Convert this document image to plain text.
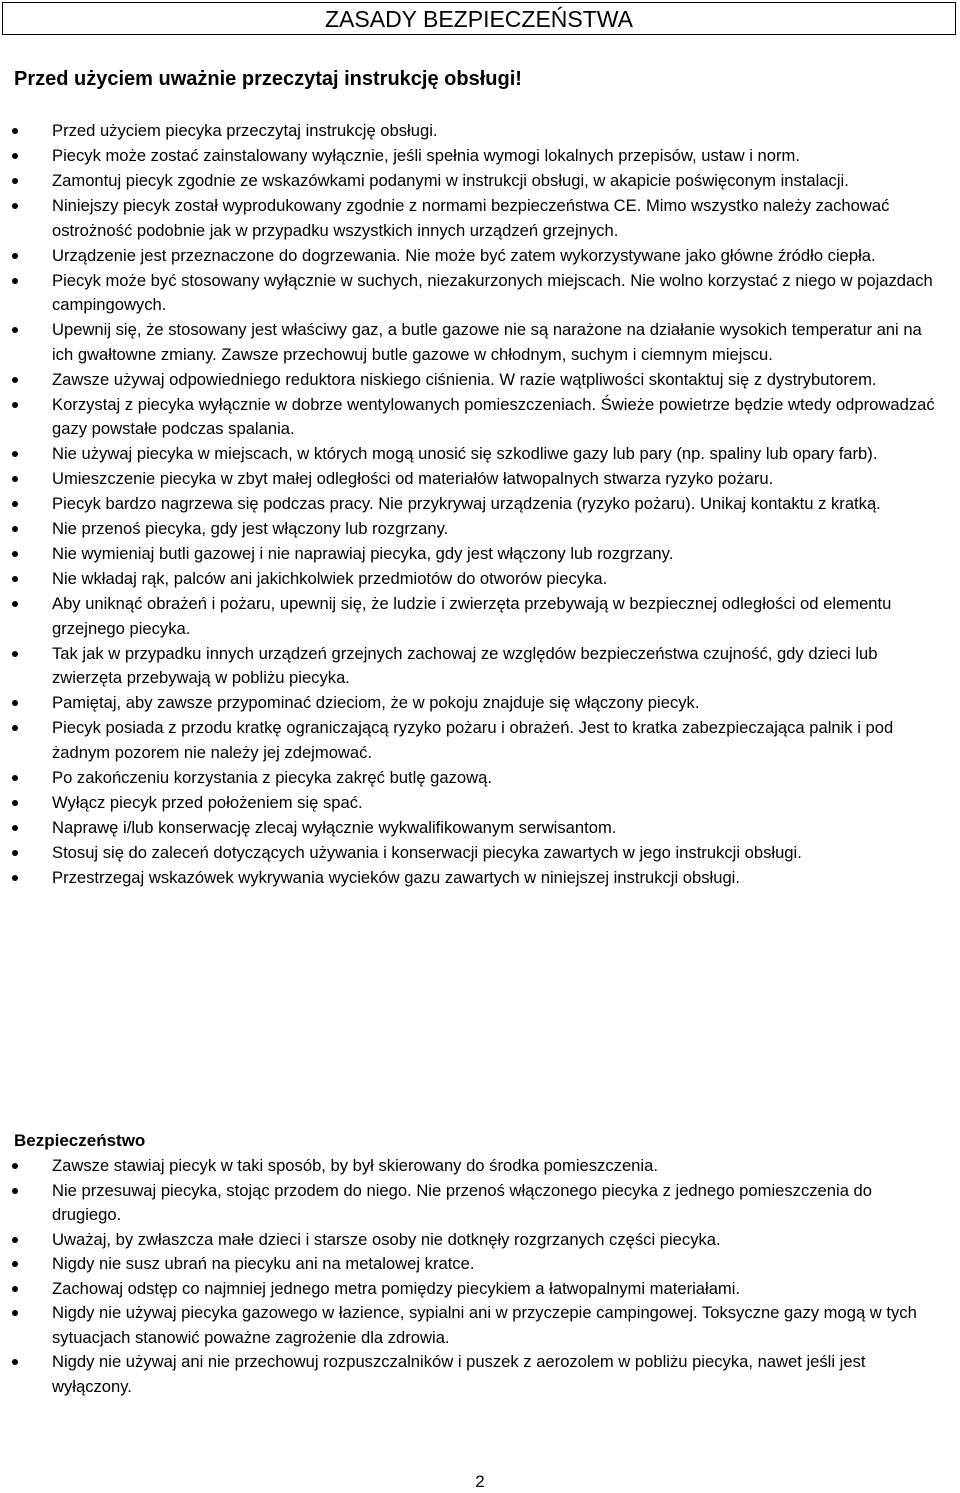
ZASADY BEZPIECZEŃSTWA

Przed użyciem uważnie przeczytaj instrukcję obsługi!

Przed użyciem piecyka przeczytaj instrukcję obsługi.
Piecyk może zostać zainstalowany wyłącznie, jeśli spełnia wymogi lokalnych przepisów, ustaw i norm.
Zamontuj piecyk zgodnie ze wskazówkami podanymi w instrukcji obsługi, w akapicie poświęconym instalacji.
Niniejszy piecyk został wyprodukowany zgodnie z normami bezpieczeństwa CE. Mimo wszystko należy zachować ostrożność podobnie jak w przypadku wszystkich innych urządzeń grzejnych.
Urządzenie jest przeznaczone do dogrzewania. Nie może być zatem wykorzystywane jako główne źródło ciepła.
Piecyk może być stosowany wyłącznie w suchych, niezakurzonych miejscach. Nie wolno korzystać z niego w pojazdach campingowych.
Upewnij się, że stosowany jest właściwy gaz, a butle gazowe nie są narażone na działanie wysokich temperatur ani na ich gwałtowne zmiany. Zawsze przechowuj butle gazowe w chłodnym, suchym i ciemnym miejscu.
Zawsze używaj odpowiedniego reduktora niskiego ciśnienia. W razie wątpliwości skontaktuj się z dystrybutorem.
Korzystaj z piecyka wyłącznie w dobrze wentylowanych pomieszczeniach. Świeże powietrze będzie wtedy odprowadzać gazy powstałe podczas spalania.
Nie używaj piecyka w miejscach, w których mogą unosić się szkodliwe gazy lub pary (np. spaliny lub opary farb).
Umieszczenie piecyka w zbyt małej odległości od materiałów łatwopalnych stwarza ryzyko pożaru.
Piecyk bardzo nagrzewa się podczas pracy. Nie przykrywaj urządzenia (ryzyko pożaru). Unikaj kontaktu z kratką.
Nie przenoś piecyka, gdy jest włączony lub rozgrzany.
Nie wymieniaj butli gazowej i nie naprawiaj piecyka, gdy jest włączony lub rozgrzany.
Nie wkładaj rąk, palców ani jakichkolwiek przedmiotów do otworów piecyka.
Aby uniknąć obrażeń i pożaru, upewnij się, że ludzie i zwierzęta przebywają w bezpiecznej odległości od elementu grzejnego piecyka.
Tak jak w przypadku innych urządzeń grzejnych zachowaj ze względów bezpieczeństwa czujność, gdy dzieci lub zwierzęta przebywają w pobliżu piecyka.
Pamiętaj, aby zawsze przypominać dzieciom, że w pokoju znajduje się włączony piecyk.
Piecyk posiada z przodu kratkę ograniczającą ryzyko pożaru i obrażeń. Jest to kratka zabezpieczająca palnik i pod żadnym pozorem nie należy jej zdejmować.
Po zakończeniu korzystania z piecyka zakręć butlę gazową.
Wyłącz piecyk przed położeniem się spać.
Naprawę i/lub konserwację zlecaj wyłącznie wykwalifikowanym serwisantom.
Stosuj się do zaleceń dotyczących używania i konserwacji piecyka zawartych w jego instrukcji obsługi.
Przestrzegaj wskazówek wykrywania wycieków gazu zawartych w niniejszej instrukcji obsługi.
Bezpieczeństwo
Zawsze stawiaj piecyk w taki sposób, by był skierowany do środka pomieszczenia.
Nie przesuwaj piecyka, stojąc przodem do niego. Nie przenoś włączonego piecyka z jednego pomieszczenia do drugiego.
Uważaj, by zwłaszcza małe dzieci i starsze osoby nie dotknęły rozgrzanych części piecyka.
Nigdy nie susz ubrań na piecyku ani na metalowej kratce.
Zachowaj odstęp co najmniej jednego metra pomiędzy piecykiem a łatwopalnymi materiałami.
Nigdy nie używaj piecyka gazowego w łazience, sypialni ani w przyczepie campingowej. Toksyczne gazy mogą w tych sytuacjach stanowić poważne zagrożenie dla zdrowia.
Nigdy nie używaj ani nie przechowuj rozpuszczalników i puszek z aerozolem w pobliżu piecyka, nawet jeśli jest wyłączony.
2
